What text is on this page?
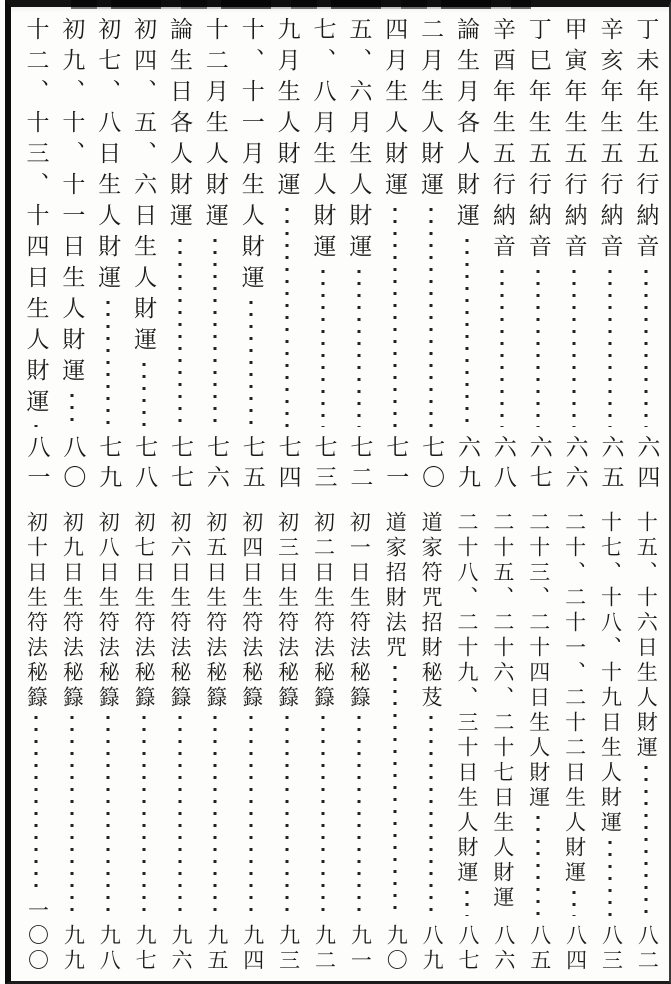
丁未年生五行納音
六四
辛亥年生五行納音
六五
甲寅年生五行納音
六六
丁巳年生五行納音
六七
辛酉年生五行納音
六八
論生月各人財運
六九
二月生人財運
七〇
四月生人財運
七一
五、六月生人財運
七二
七、八月生人財運
七三
九月生人財運
七四
十、十一月生人財運
七五
十二月生人財運
七六
論生日各人財運
七七
初四、五、六日生人財運
七八
初七、八日生人財運
七九
初九、十、十一日生人財運
八〇
十二、十三、十四日生人財運
八一
十五、十六日生人財運
八二
十七、十八、十九日生人財運
八三
二十、二十一、二十二日生人財運
八四
二十三、二十四日生人財運
八五
二十五、二十六、二十七日生人財運
八六
二十八、二十九、三十日生人財運
八七
道家符咒招財秘芨
八九
道家招財法咒
九〇
初一日生符法秘籙
九一
初二日生符法秘籙
九二
初三日生符法秘籙
九三
初四日生符法秘籙
九四
初五日生符法秘籙
九五
初六日生符法秘籙
九六
初七日生符法秘籙
九七
初八日生符法秘籙
九八
初九日生符法秘籙
九九
初十日生符法秘籙
一〇〇
